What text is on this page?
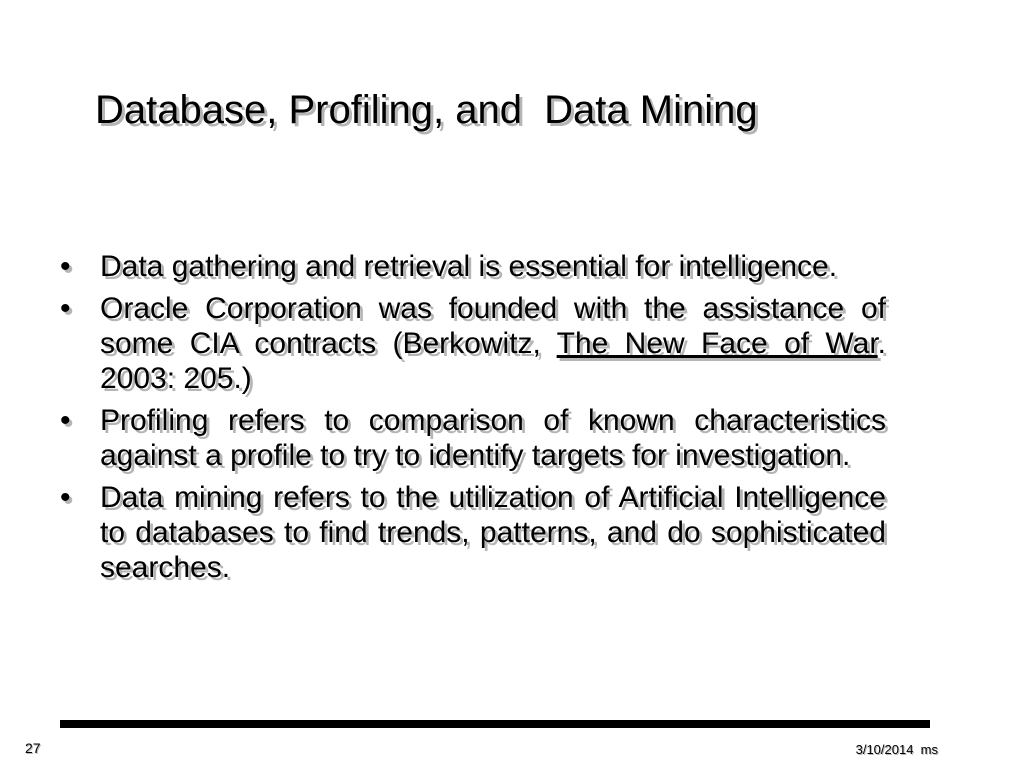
Database, Profiling, and  Data Mining
• Data gathering and retrieval is essential for intelligence.
• Oracle Corporation was founded with the assistance of some CIA contracts (Berkowitz, The New Face of War. 2003: 205.)
• Profiling refers to comparison of known characteristics against a profile to try to identify targets for investigation.
• Data mining refers to the utilization of Artificial Intelligence to databases to find trends, patterns, and do sophisticated searches.
27	3/10/2014  ms
